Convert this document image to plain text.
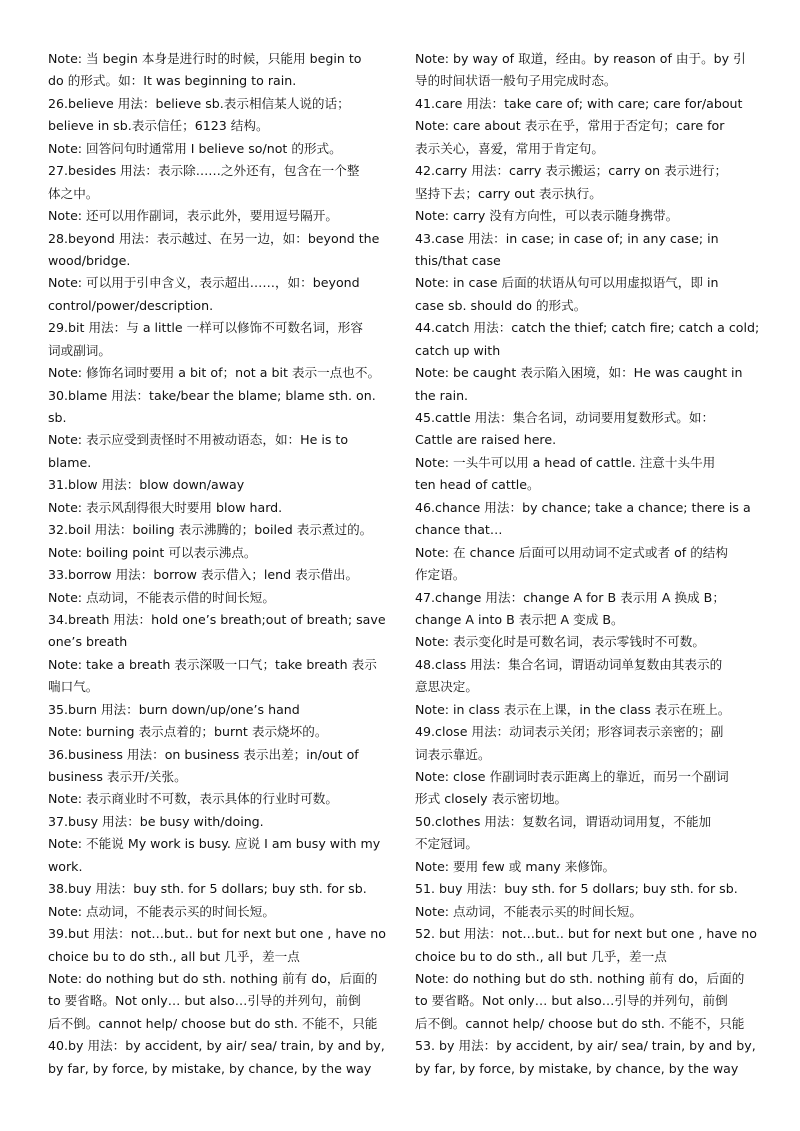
Note: 当 begin 本身是进行时的时候，只能用 begin to
do 的形式。如：It was beginning to rain.
26.believe 用法：believe sb.表示相信某人说的话；
believe in sb.表示信任；6123 结构。
Note: 回答问句时通常用 I believe so/not 的形式。
27.besides 用法：表示除……之外还有，包含在一个整
体之中。
Note: 还可以用作副词，表示此外，要用逗号隔开。
28.beyond 用法：表示越过、在另一边，如：beyond the
wood/bridge.
Note: 可以用于引申含义，表示超出……，如：beyond
control/power/description.
29.bit 用法：与 a little 一样可以修饰不可数名词，形容
词或副词。
Note: 修饰名词时要用 a bit of；not a bit 表示一点也不。
30.blame 用法：take/bear the blame; blame sth. on.
sb.
Note: 表示应受到责怪时不用被动语态，如：He is to
blame.
31.blow 用法：blow down/away
Note: 表示风刮得很大时要用 blow hard.
32.boil 用法：boiling 表示沸腾的；boiled 表示煮过的。
Note: boiling point 可以表示沸点。
33.borrow 用法：borrow 表示借入；lend 表示借出。
Note: 点动词，不能表示借的时间长短。
34.breath 用法：hold one’s breath;out of breath; save
one’s breath
Note: take a breath 表示深吸一口气；take breath 表示
喘口气。
35.burn 用法：burn down/up/one’s hand
Note: burning 表示点着的；burnt 表示烧坏的。
36.business 用法：on business 表示出差；in/out of
business 表示开/关张。
Note: 表示商业时不可数，表示具体的行业时可数。
37.busy 用法：be busy with/doing.
Note: 不能说 My work is busy. 应说 I am busy with my
work.
38.buy 用法：buy sth. for 5 dollars; buy sth. for sb.
Note: 点动词，不能表示买的时间长短。
39.but 用法：not…but.. but for next but one , have no
choice bu to do sth., all but 几乎，差一点
Note: do nothing but do sth. nothing 前有 do，后面的
to 要省略。Not only… but also…引导的并列句，前倒
后不倒。cannot help/ choose but do sth. 不能不，只能
40.by 用法：by accident, by air/ sea/ train, by and by,
by far, by force, by mistake, by chance, by the way
Note: by way of 取道，经由。by reason of 由于。by 引
导的时间状语一般句子用完成时态。
41.care 用法：take care of; with care; care for/about
Note: care about 表示在乎，常用于否定句；care for
表示关心，喜爱，常用于肯定句。
42.carry 用法：carry 表示搬运；carry on 表示进行；
坚持下去；carry out 表示执行。
Note: carry 没有方向性，可以表示随身携带。
43.case 用法：in case; in case of; in any case; in
this/that case
Note: in case 后面的状语从句可以用虚拟语气，即 in
case sb. should do 的形式。
44.catch 用法：catch the thief; catch fire; catch a cold;
catch up with
Note: be caught 表示陷入困境，如：He was caught in
the rain.
45.cattle 用法：集合名词，动词要用复数形式。如：
Cattle are raised here.
Note: 一头牛可以用 a head of cattle. 注意十头牛用
ten head of cattle。
46.chance 用法：by chance; take a chance; there is a
chance that…
Note: 在 chance 后面可以用动词不定式或者 of 的结构
作定语。
47.change 用法：change A for B 表示用 A 换成 B；
change A into B 表示把 A 变成 B。
Note: 表示变化时是可数名词，表示零钱时不可数。
48.class 用法：集合名词，谓语动词单复数由其表示的
意思决定。
Note: in class 表示在上课，in the class 表示在班上。
49.close 用法：动词表示关闭；形容词表示亲密的；副
词表示靠近。
Note: close 作副词时表示距离上的靠近，而另一个副词
形式 closely 表示密切地。
50.clothes 用法：复数名词，谓语动词用复，不能加
不定冠词。
Note: 要用 few 或 many 来修饰。
51. buy 用法：buy sth. for 5 dollars; buy sth. for sb.
Note: 点动词，不能表示买的时间长短。
52. but 用法：not…but.. but for next but one , have no
choice bu to do sth., all but 几乎，差一点
Note: do nothing but do sth. nothing 前有 do，后面的
to 要省略。Not only… but also…引导的并列句，前倒
后不倒。cannot help/ choose but do sth. 不能不，只能
53. by 用法：by accident, by air/ sea/ train, by and by,
by far, by force, by mistake, by chance, by the way
